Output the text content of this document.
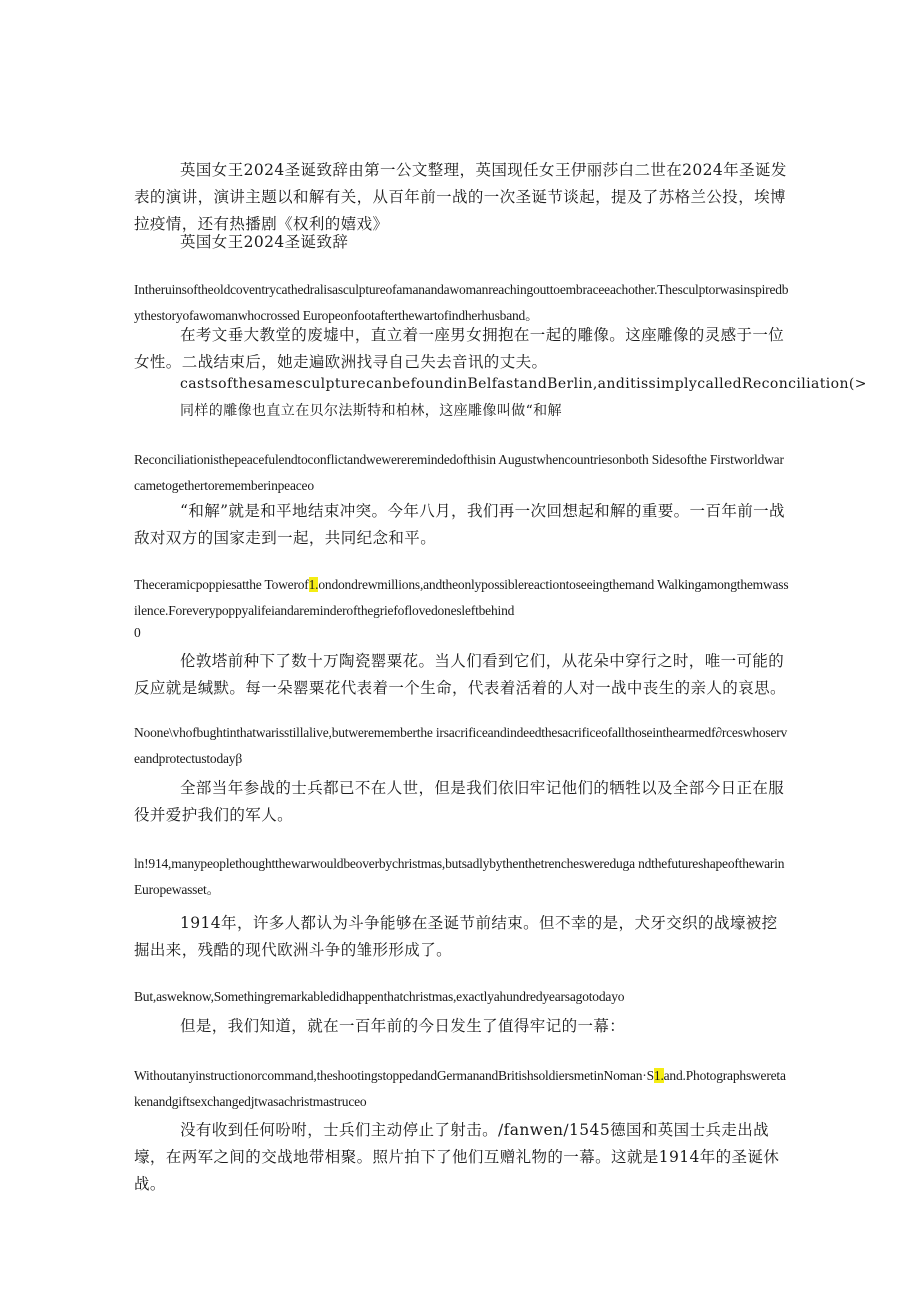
英国女王2024圣诞致辞由第一公文整理，英国现任女王伊丽莎白二世在2024年圣诞发表的演讲，演讲主题以和解有关，从百年前一战的一次圣诞节谈起，提及了苏格兰公投，埃博拉疫情，还有热播剧《权利的嬉戏》

英国女王2024圣诞致辞

Intheruinsoftheoldcoventrycathedralisasculptureofamanandawomanreachingouttoembraceeachother.Thesculptorwasinspiredbythestoryofawomanwhocrossed Europeonfootafterthewartofindherhusband。

在考文垂大教堂的废墟中，直立着一座男女拥抱在一起的雕像。这座雕像的灵感于一位女性。二战结束后，她走遍欧洲找寻自己失去音讯的丈夫。

castsofthesamesculpturecanbefoundinBelfastandBerlin,anditissimplycalledReconciliation(>同样的雕像也直立在贝尔法斯特和柏林，这座雕像叫做“和解

Reconciliationisthepeacefulendtoconflictandwewereremindedofthisin Augustwhencountriesonboth Sidesofthe Firstworldwarcametogethertorememberinpeaceo

“和解”就是和平地结束冲突。今年八月，我们再一次回想起和解的重要。一百年前一战敌对双方的国家走到一起，共同纪念和平。

Theceramicpoppiesatthe Towerof1.ondondrewmillions,andtheonlypossiblereactiontoseeingthemand Walkingamongthemwassilence.Foreverypoppyalifeiandareminderofthegriefoflovedonesleftbehind

0

伦敦塔前种下了数十万陶瓷罂粟花。当人们看到它们，从花朵中穿行之时，唯一可能的反应就是缄默。每一朵罂粟花代表着一个生命，代表着活着的人对一战中丧生的亲人的哀思。

Noone\vhofbughtinthatwarisstillalive,butwerememberthe irsacrificeandindeedthesacrificeofallthoseinthearmedf∂rceswhoserveandprotectustodayβ

全部当年参战的士兵都已不在人世，但是我们依旧牢记他们的牺牲以及全部今日正在服役并爱护我们的军人。

ln!914,manypeoplethoughtthewarwouldbeoverbychristmas,butsadlybythenthetrencheswereduga ndthefutureshapeofthewarinEuropewasset。

1914年，许多人都认为斗争能够在圣诞节前结束。但不幸的是，犬牙交织的战壕被挖掘出来，残酷的现代欧洲斗争的雏形形成了。

But,asweknow,Somethingremarkabledidhappenthatchristmas,exactlyahundredyearsagotodayo

但是，我们知道，就在一百年前的今日发生了值得牢记的一幕：

Withoutanyinstructionorcommand,theshootingstoppedandGermanandBritishsoldiersmetinNoman·S1.and.Photographsweretakenandgiftsexchangedjtwasachristmastruceo

没有收到任何吩咐，士兵们主动停止了射击。∕fanwen∕1545德国和英国士兵走出战壕，在两军之间的交战地带相聚。照片拍下了他们互赠礼物的一幕。这就是1914年的圣诞休战。
